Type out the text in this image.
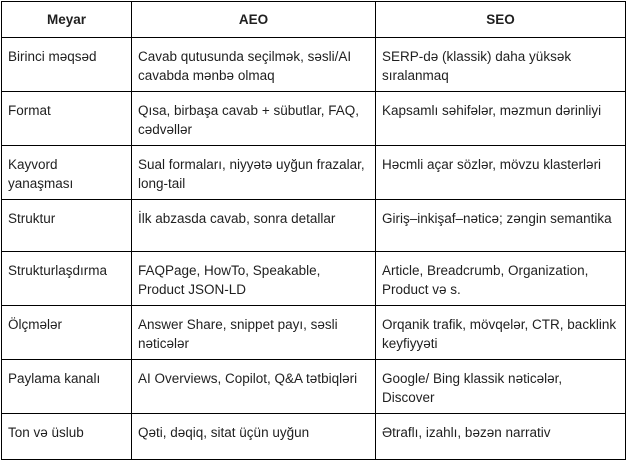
Meyar	AEO	SEO
Birinci məqsəd	Cavab qutusunda seçilmək, səsli/AI cavabda mənbə olmaq	SERP-də (klassik) daha yüksək sıralanmaq
Format	Qısa, birbaşa cavab + sübutlar, FAQ, cədvəllər	Kapsamlı səhifələr, məzmun dərinliyi
Kayvord yanaşması	Sual formaları, niyyətə uyğun frazalar, long-tail	Həcmli açar sözlər, mövzu klasterləri
Struktur	İlk abzasda cavab, sonra detallar	Giriş–inkişaf–nəticə; zəngin semantika
Strukturlaşdırma	FAQPage, HowTo, Speakable, Product JSON-LD	Article, Breadcrumb, Organization, Product və s.
Ölçmələr	Answer Share, snippet payı, səsli nəticələr	Orqanik trafik, mövqelər, CTR, backlink keyfiyyəti
Paylama kanalı	AI Overviews, Copilot, Q&A tətbiqləri	Google/ Bing klassik nəticələr, Discover
Ton və üslub	Qəti, dəqiq, sitat üçün uyğun	Ətraflı, izahlı, bəzən narrativ
